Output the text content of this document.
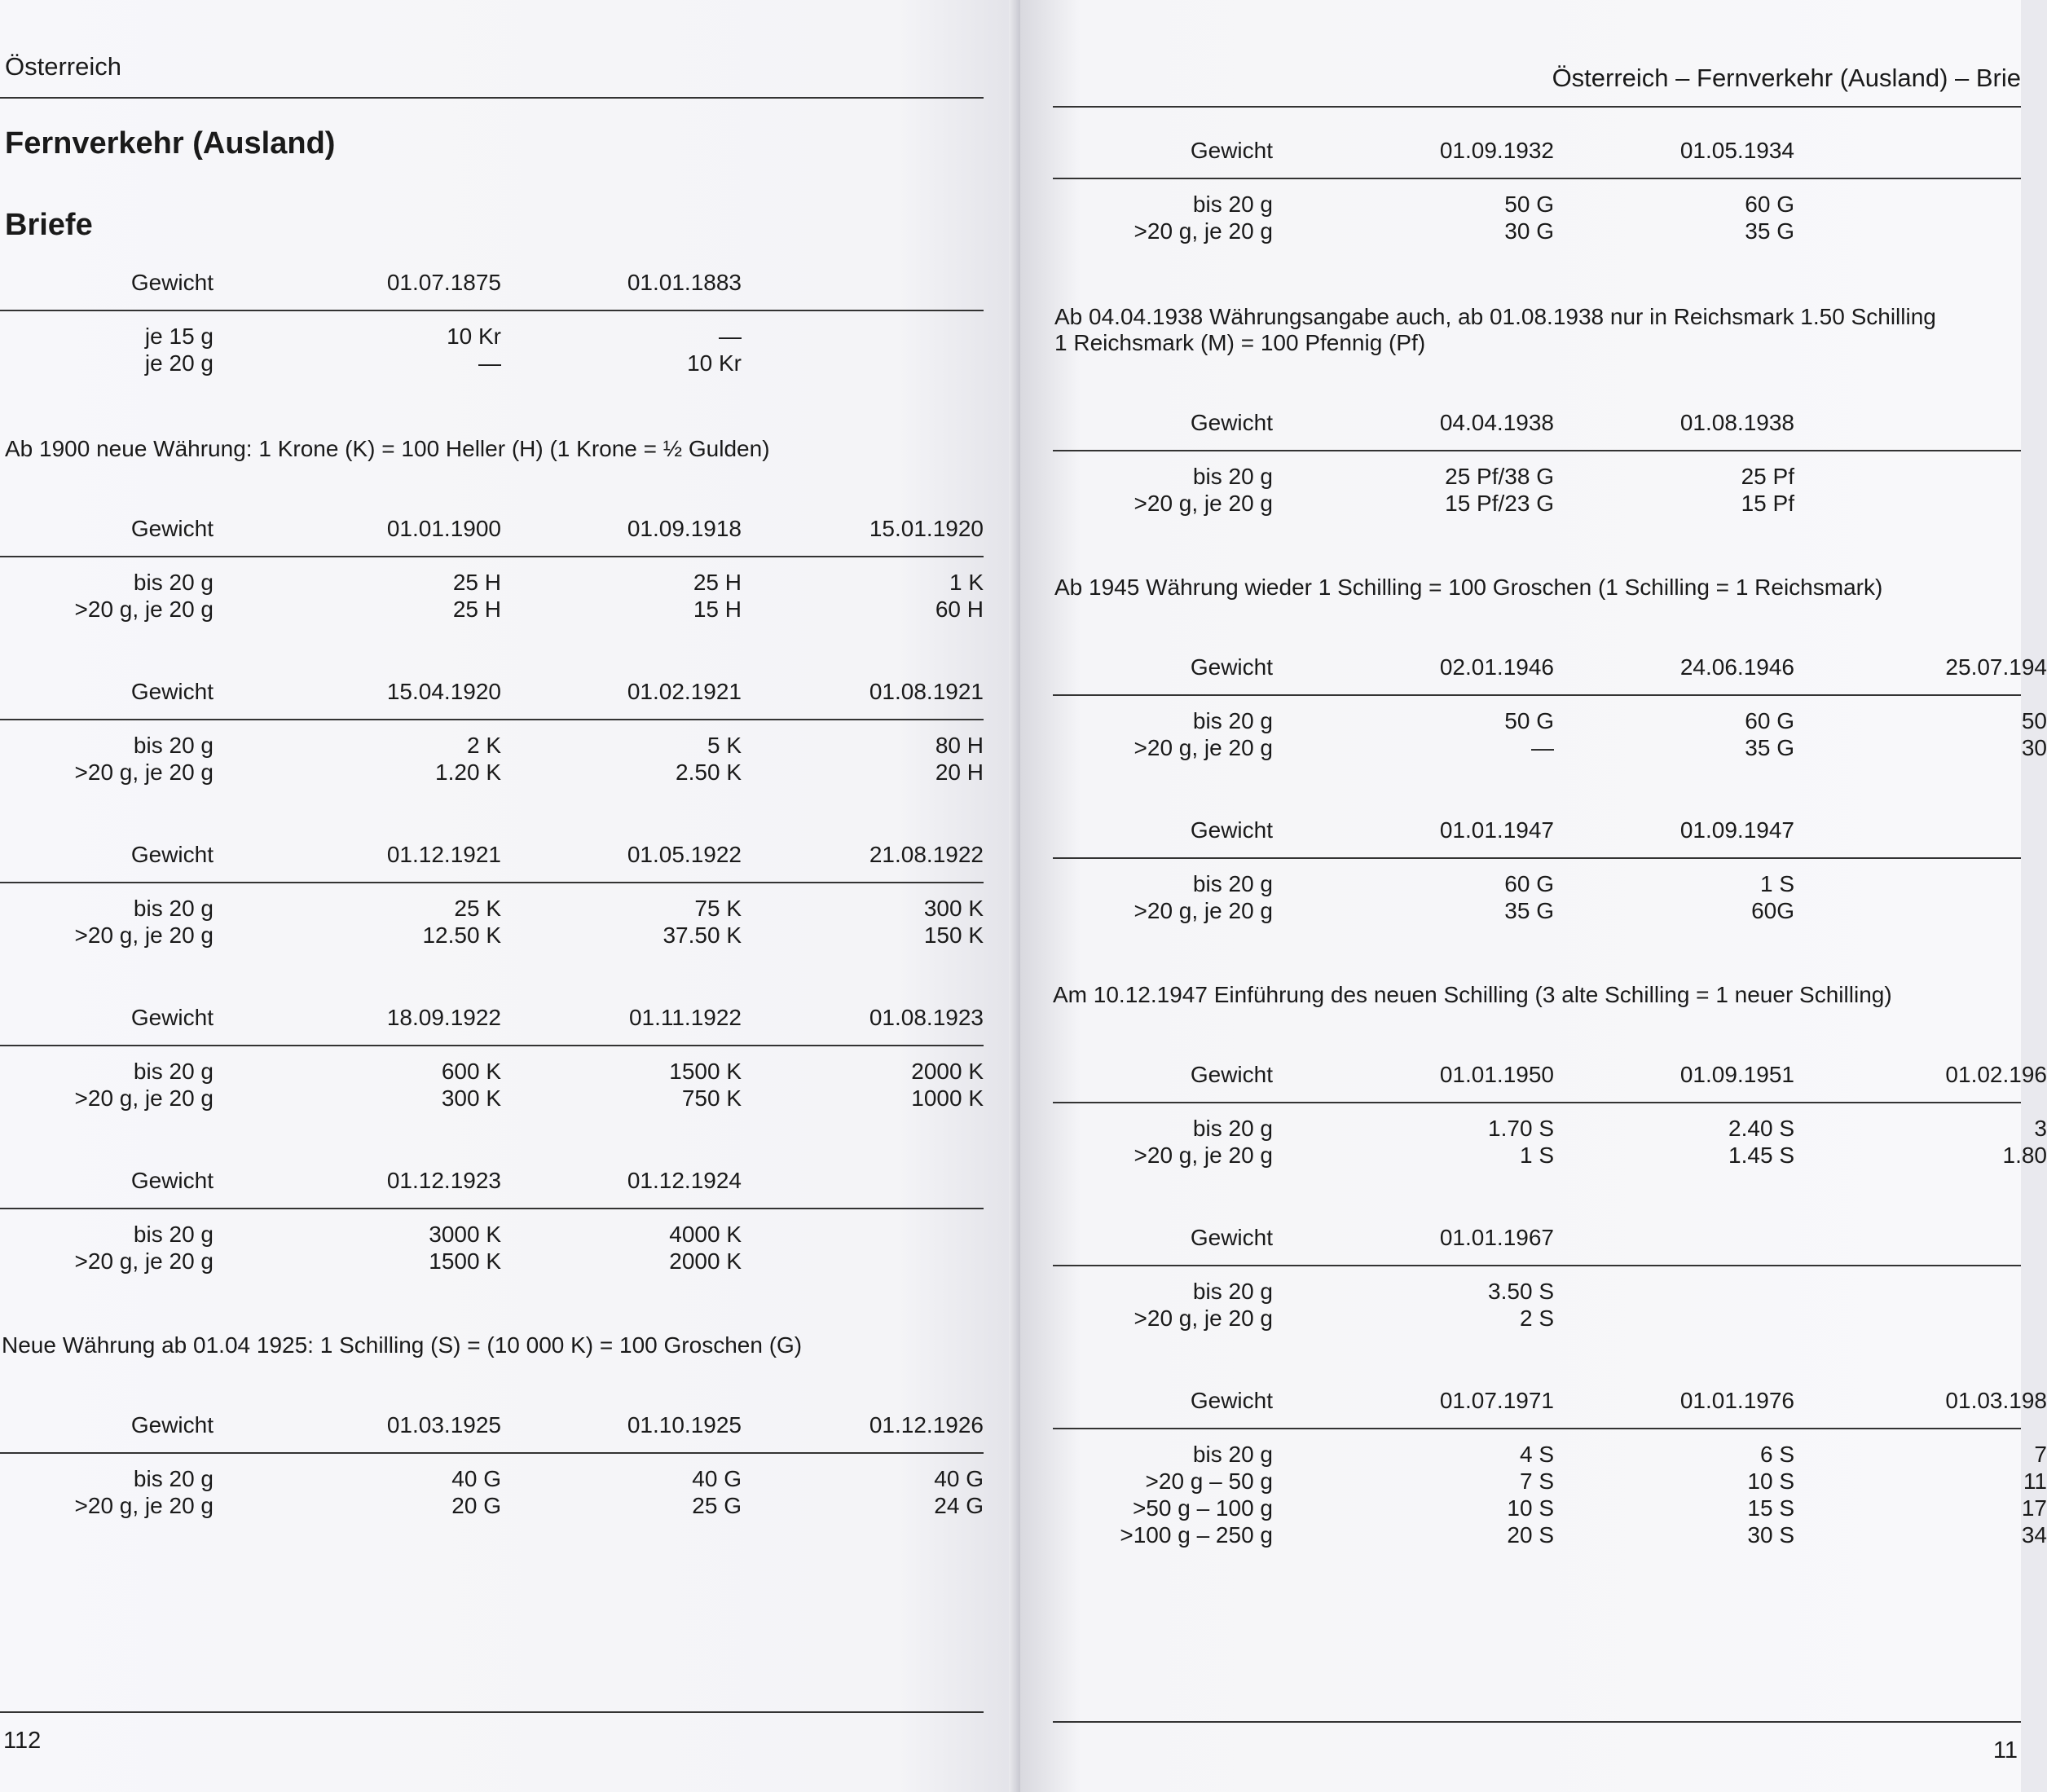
Österreich
Fernverkehr (Ausland)
Briefe
Gewicht	01.07.1875	01.01.1883
je 15 g	10 Kr	—
je 20 g	—	10 Kr
Ab 1900 neue Währung: 1 Krone (K) = 100 Heller (H) (1 Krone = ½ Gulden)
Gewicht	01.01.1900	01.09.1918	15.01.1920
bis 20 g	25 H	25 H	1 K
>20 g, je 20 g	25 H	15 H	60 H
Gewicht	15.04.1920	01.02.1921	01.08.1921
bis 20 g	2 K	5 K	80 H
>20 g, je 20 g	1.20 K	2.50 K	20 H
Gewicht	01.12.1921	01.05.1922	21.08.1922
bis 20 g	25 K	75 K	300 K
>20 g, je 20 g	12.50 K	37.50 K	150 K
Gewicht	18.09.1922	01.11.1922	01.08.1923
bis 20 g	600 K	1500 K	2000 K
>20 g, je 20 g	300 K	750 K	1000 K
Gewicht	01.12.1923	01.12.1924
bis 20 g	3000 K	4000 K
>20 g, je 20 g	1500 K	2000 K
Neue Währung ab 01.04 1925: 1 Schilling (S) = (10 000 K) = 100 Groschen (G)
Gewicht	01.03.1925	01.10.1925	01.12.1926
bis 20 g	40 G	40 G	40 G
>20 g, je 20 g	20 G	25 G	24 G
112
Österreich – Fernverkehr (Ausland) – Brie
Gewicht	01.09.1932	01.05.1934
bis 20 g	50 G	60 G
>20 g, je 20 g	30 G	35 G
Ab 04.04.1938 Währungsangabe auch, ab 01.08.1938 nur in Reichsmark 1.50 Schilling
1 Reichsmark (M) = 100 Pfennig (Pf)
Gewicht	04.04.1938	01.08.1938
bis 20 g	25 Pf/38 G	25 Pf
>20 g, je 20 g	15 Pf/23 G	15 Pf
Ab 1945 Währung wieder 1 Schilling = 100 Groschen (1 Schilling = 1 Reichsmark)
Gewicht	02.01.1946	24.06.1946	25.07.194
bis 20 g	50 G	60 G	50
>20 g, je 20 g	—	35 G	30
Gewicht	01.01.1947	01.09.1947
bis 20 g	60 G	1 S
>20 g, je 20 g	35 G	60G
Am 10.12.1947 Einführung des neuen Schilling (3 alte Schilling = 1 neuer Schilling)
Gewicht	01.01.1950	01.09.1951	01.02.196
bis 20 g	1.70 S	2.40 S	3
>20 g, je 20 g	1 S	1.45 S	1.80
Gewicht	01.01.1967
bis 20 g	3.50 S
>20 g, je 20 g	2 S
Gewicht	01.07.1971	01.01.1976	01.03.198
bis 20 g	4 S	6 S	7
>20 g – 50 g	7 S	10 S	11
>50 g – 100 g	10 S	15 S	17
>100 g – 250 g	20 S	30 S	34
11
